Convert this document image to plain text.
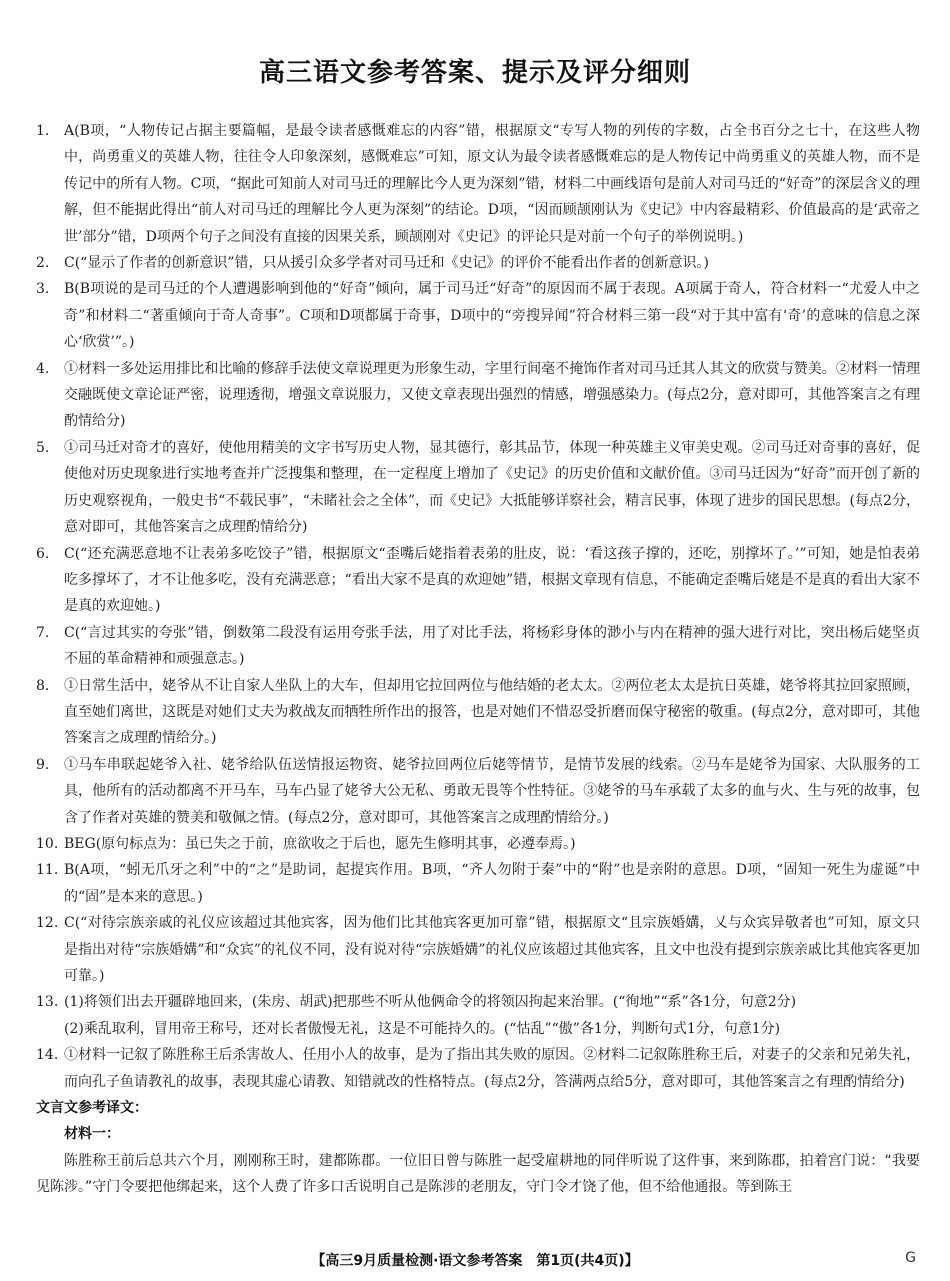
高三语文参考答案、提示及评分细则
1. A(B项，“人物传记占据主要篇幅，是最令读者感慨难忘的内容”错，根据原文“专写人物的列传的字数，占全书百分之七十，在这些人物中，尚勇重义的英雄人物，往往令人印象深刻，感慨难忘”可知，原文认为最令读者感慨难忘的是人物传记中尚勇重义的英雄人物，而不是传记中的所有人物。C项，“据此可知前人对司马迁的理解比今人更为深刻”错，材料二中画线语句是前人对司马迁的“好奇”的深层含义的理解，但不能据此得出“前人对司马迁的理解比今人更为深刻”的结论。D项，“因而顾颉刚认为《史记》中内容最精彩、价值最高的是‘武帝之世’部分”错，D项两个句子之间没有直接的因果关系，顾颉刚对《史记》的评论只是对前一个句子的举例说明。)
2. C(“显示了作者的创新意识”错，只从援引众多学者对司马迁和《史记》的评价不能看出作者的创新意识。)
3. B(B项说的是司马迁的个人遭遇影响到他的“好奇”倾向，属于司马迁“好奇”的原因而不属于表现。A项属于奇人，符合材料一“尤爱人中之奇”和材料二“著重倾向于奇人奇事”。C项和D项都属于奇事，D项中的“旁搜异闻”符合材料三第一段“对于其中富有‘奇’的意味的信息之深心‘欣赏’”。)
4. ①材料一多处运用排比和比喻的修辞手法使文章说理更为形象生动，字里行间毫不掩饰作者对司马迁其人其文的欣赏与赞美。②材料一情理交融既使文章论证严密，说理透彻，增强文章说服力，又使文章表现出强烈的情感，增强感染力。(每点2分，意对即可，其他答案言之有理酌情给分)
5. ①司马迁对奇才的喜好，使他用精美的文字书写历史人物，显其德行，彰其品节，体现一种英雄主义审美史观。②司马迁对奇事的喜好，促使他对历史现象进行实地考查并广泛搜集和整理，在一定程度上增加了《史记》的历史价值和文献价值。③司马迁因为“好奇”而开创了新的历史观察视角，一般史书“不载民事”，“未睹社会之全体”，而《史记》大抵能够详察社会，精言民事，体现了进步的国民思想。(每点2分，意对即可，其他答案言之成理酌情给分)
6. C(“还充满恶意地不让表弟多吃饺子”错，根据原文“歪嘴后姥指着表弟的肚皮，说：‘看这孩子撑的，还吃，别撑坏了。’”可知，她是怕表弟吃多撑坏了，才不让他多吃，没有充满恶意；“看出大家不是真的欢迎她”错，根据文章现有信息，不能确定歪嘴后姥是不是真的看出大家不是真的欢迎她。)
7. C(“言过其实的夸张”错，倒数第二段没有运用夸张手法，用了对比手法，将杨彩身体的渺小与内在精神的强大进行对比，突出杨后姥坚贞不屈的革命精神和顽强意志。)
8. ①日常生活中，姥爷从不让自家人坐队上的大车，但却用它拉回两位与他结婚的老太太。②两位老太太是抗日英雄，姥爷将其拉回家照顾，直至她们离世，这既是对她们丈夫为救战友而牺牲所作出的报答，也是对她们不惜忍受折磨而保守秘密的敬重。(每点2分，意对即可，其他答案言之成理酌情给分。)
9. ①马车串联起姥爷入社、姥爷给队伍送情报运物资、姥爷拉回两位后姥等情节，是情节发展的线索。②马车是姥爷为国家、大队服务的工具，他所有的活动都离不开马车，马车凸显了姥爷大公无私、勇敢无畏等个性特征。③姥爷的马车承载了太多的血与火、生与死的故事，包含了作者对英雄的赞美和敬佩之情。(每点2分，意对即可，其他答案言之成理酌情给分。)
10. BEG(原句标点为：虽已失之于前，庶欲收之于后也，愿先生修明其事，必遵奉焉。)
11. B(A项，“蚓无爪牙之利”中的“之”是助词，起提宾作用。B项，“齐人勿附于秦”中的“附”也是亲附的意思。D项，“固知一死生为虚诞”中的“固”是本来的意思。)
12. C(“对待宗族亲戚的礼仪应该超过其他宾客，因为他们比其他宾客更加可靠”错，根据原文“且宗族婚媾，乂与众宾异敬者也”可知，原文只是指出对待“宗族婚媾”和“众宾”的礼仪不同，没有说对待“宗族婚媾”的礼仪应该超过其他宾客，且文中也没有提到宗族亲戚比其他宾客更加可靠。)
13. (1)将领们出去开疆辟地回来，(朱房、胡武)把那些不听从他俩命令的将领囚拘起来治罪。(“徇地”“系”各1分，句意2分)
(2)乘乱取利，冒用帝王称号，还对长者傲慢无礼，这是不可能持久的。(“怙乱”“傲”各1分，判断句式1分，句意1分)
14. ①材料一记叙了陈胜称王后杀害故人、任用小人的故事，是为了指出其失败的原因。②材料二记叙陈胜称王后，对妻子的父亲和兄弟失礼，而向孔子鱼请教礼的故事，表现其虚心请教、知错就改的性格特点。(每点2分，答满两点给5分，意对即可，其他答案言之有理酌情给分)
文言文参考译文：
材料一：
陈胜称王前后总共六个月，刚刚称王时，建都陈郡。一位旧日曾与陈胜一起受雇耕地的同伴听说了这件事，来到陈郡，拍着宫门说：“我要见陈涉。”守门令要把他绑起来，这个人费了许多口舌说明自己是陈涉的老朋友，守门令才饶了他，但不给他通报。等到陈王
【高三9月质量检测·语文参考答案　第1页(共4页)】	G
